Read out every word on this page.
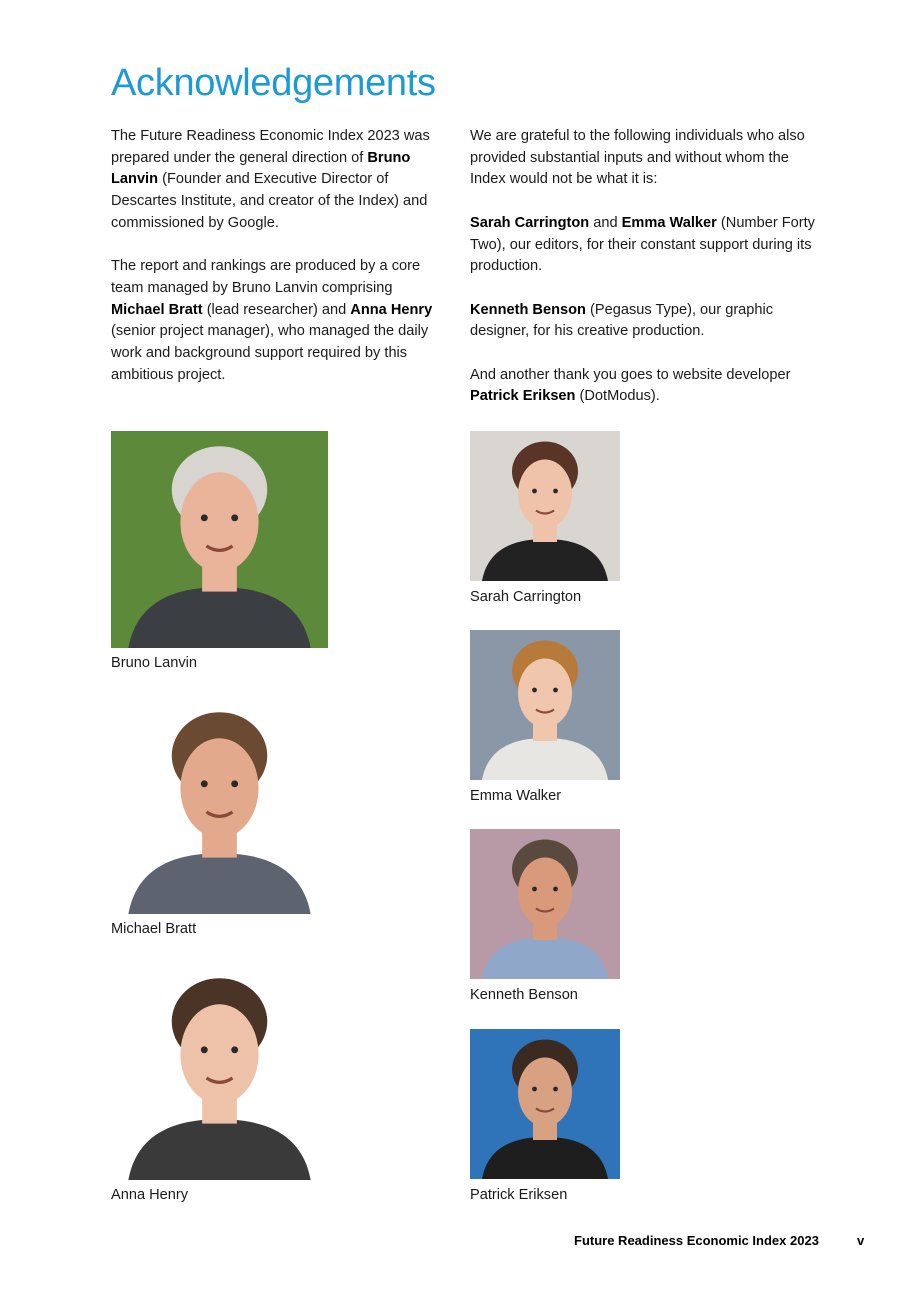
Acknowledgements

The Future Readiness Economic Index 2023 was prepared under the general direction of Bruno Lanvin (Founder and Executive Director of Descartes Institute, and creator of the Index) and commissioned by Google.

The report and rankings are produced by a core team managed by Bruno Lanvin comprising Michael Bratt (lead researcher) and Anna Henry (senior project manager), who managed the daily work and background support required by this ambitious project.

We are grateful to the following individuals who also provided substantial inputs and without whom the Index would not be what it is:

Sarah Carrington and Emma Walker (Number Forty Two), our editors, for their constant support during its production.

Kenneth Benson (Pegasus Type), our graphic designer, for his creative production.

And another thank you goes to website developer Patrick Eriksen (DotModus).

Bruno Lanvin
Michael Bratt
Anna Henry
Sarah Carrington
Emma Walker
Kenneth Benson
Patrick Eriksen
Future Readiness Economic Index 2023	v
